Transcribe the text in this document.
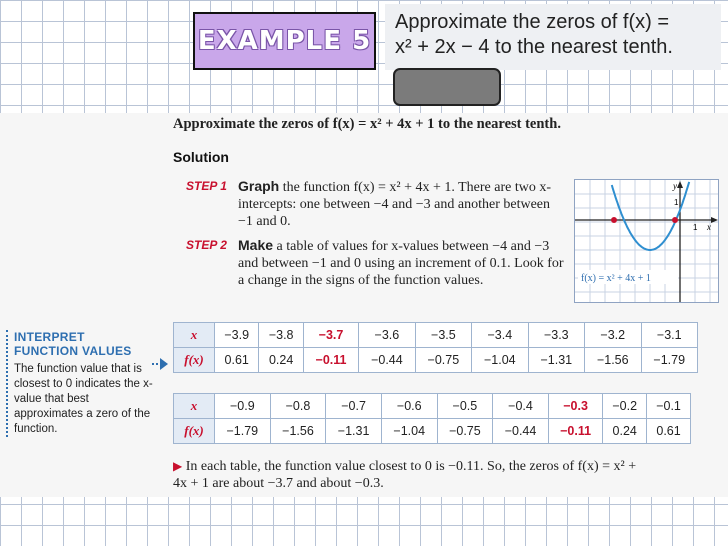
EXAMPLE 5
Approximate the zeros of f(x) =
x² + 2x − 4 to the nearest tenth.
Approximate the zeros of f(x) = x² + 4x + 1 to the nearest tenth.
Solution
STEP 1 Graph the function f(x) = x² + 4x + 1. There are two x-intercepts: one between −4 and −3 and another between −1 and 0.
STEP 2 Make a table of values for x-values between −4 and −3 and between −1 and 0 using an increment of 0.1. Look for a change in the signs of the function values.
y
x
1
1
f(x) = x² + 4x + 1
INTERPRET
FUNCTION VALUES
The function value that is closest to 0 indicates the x-value that best approximates a zero of the function.
x	−3.9	−3.8	−3.7	−3.6	−3.5	−3.4	−3.3	−3.2	−3.1
f(x)	0.61	0.24	−0.11	−0.44	−0.75	−1.04	−1.31	−1.56	−1.79
x	−0.9	−0.8	−0.7	−0.6	−0.5	−0.4	−0.3	−0.2	−0.1
f(x)	−1.79	−1.56	−1.31	−1.04	−0.75	−0.44	−0.11	0.24	0.61
▶ In each table, the function value closest to 0 is −0.11. So, the zeros of f(x) = x² + 4x + 1 are about −3.7 and about −0.3.
